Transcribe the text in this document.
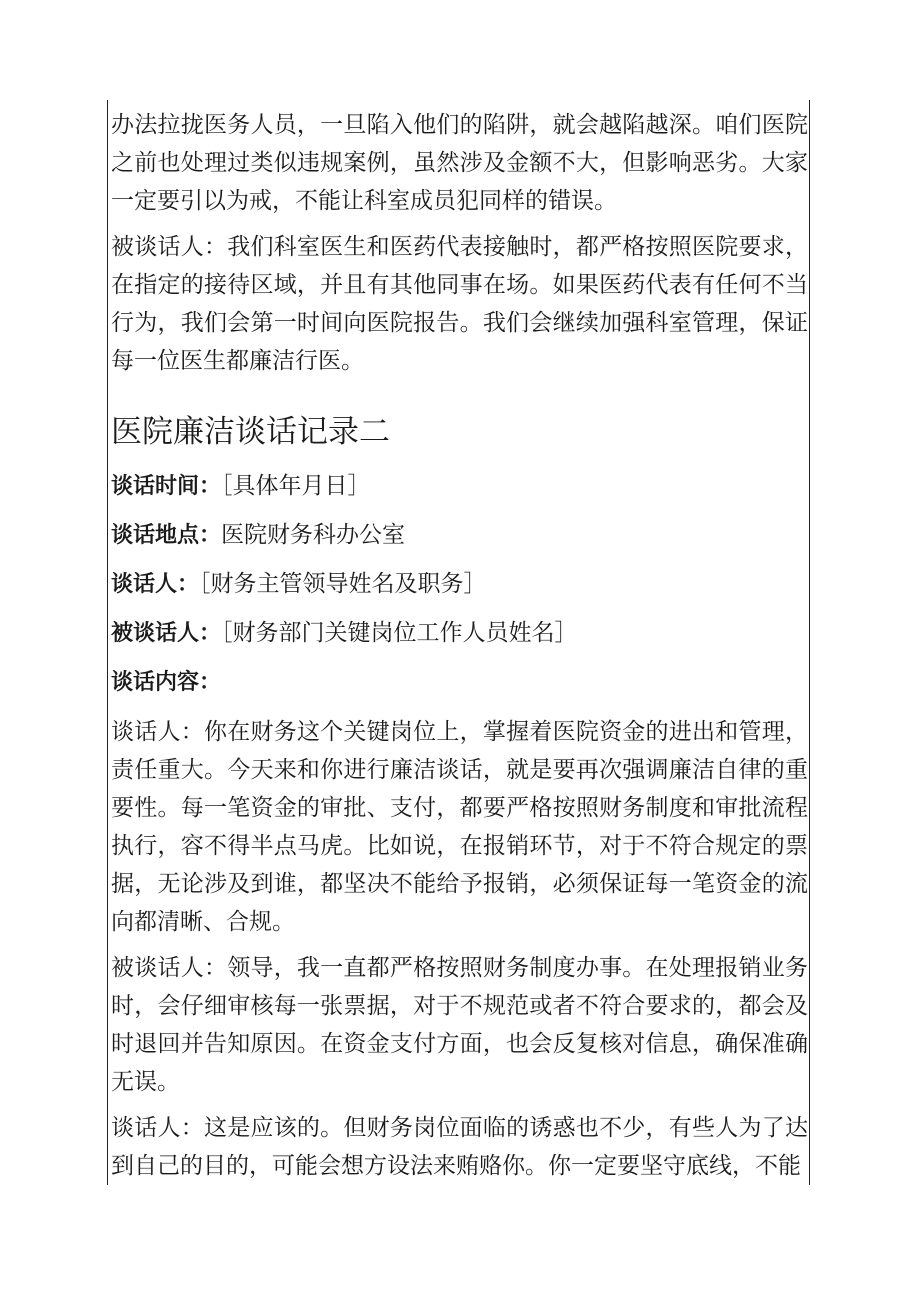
办法拉拢医务人员，一旦陷入他们的陷阱，就会越陷越深。咱们医院之前也处理过类似违规案例，虽然涉及金额不大，但影响恶劣。大家一定要引以为戒，不能让科室成员犯同样的错误。

被谈话人：我们科室医生和医药代表接触时，都严格按照医院要求，在指定的接待区域，并且有其他同事在场。如果医药代表有任何不当行为，我们会第一时间向医院报告。我们会继续加强科室管理，保证每一位医生都廉洁行医。

医院廉洁谈话记录二

谈话时间：［具体年月日］

谈话地点：医院财务科办公室

谈话人：［财务主管领导姓名及职务］

被谈话人：［财务部门关键岗位工作人员姓名］

谈话内容：

谈话人：你在财务这个关键岗位上，掌握着医院资金的进出和管理，责任重大。今天来和你进行廉洁谈话，就是要再次强调廉洁自律的重要性。每一笔资金的审批、支付，都要严格按照财务制度和审批流程执行，容不得半点马虎。比如说，在报销环节，对于不符合规定的票据，无论涉及到谁，都坚决不能给予报销，必须保证每一笔资金的流向都清晰、合规。

被谈话人：领导，我一直都严格按照财务制度办事。在处理报销业务时，会仔细审核每一张票据，对于不规范或者不符合要求的，都会及时退回并告知原因。在资金支付方面，也会反复核对信息，确保准确无误。

谈话人：这是应该的。但财务岗位面临的诱惑也不少，有些人为了达到自己的目的，可能会想方设法来贿赂你。你一定要坚守底线，不能
